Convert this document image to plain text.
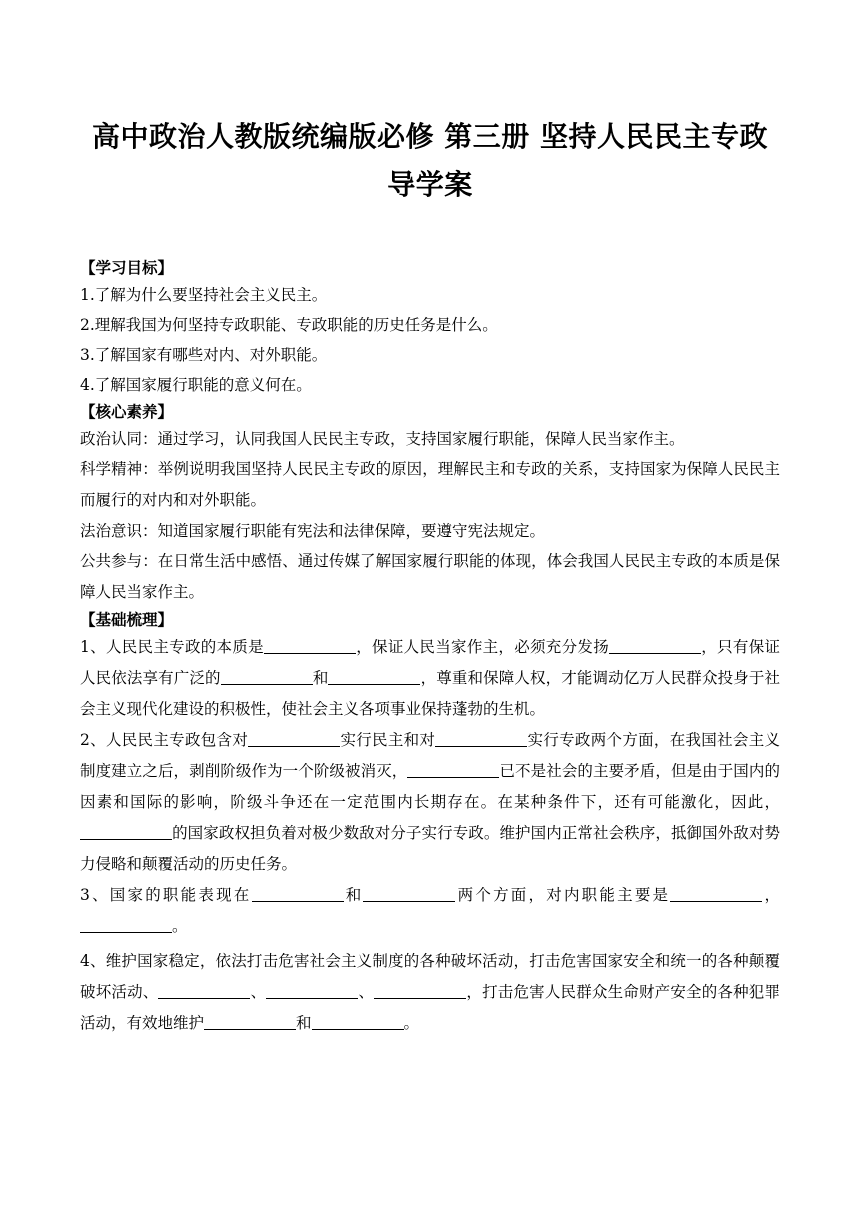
高中政治人教版统编版必修 第三册 坚持人民民主专政
导学案
【学习目标】
1.了解为什么要坚持社会主义民主。
2.理解我国为何坚持专政职能、专政职能的历史任务是什么。
3.了解国家有哪些对内、对外职能。
4.了解国家履行职能的意义何在。
【核心素养】
政治认同：通过学习，认同我国人民民主专政，支持国家履行职能，保障人民当家作主。

科学精神：举例说明我国坚持人民民主专政的原因，理解民主和专政的关系，支持国家为保障人民民主而履行的对内和对外职能。

法治意识：知道国家履行职能有宪法和法律保障，要遵守宪法规定。

公共参与：在日常生活中感悟、通过传媒了解国家履行职能的体现，体会我国人民民主专政的本质是保障人民当家作主。

【基础梳理】

1、人民民主专政的本质是	，保证人民当家作主，必须充分发扬	，只有保证人民依法享有广泛的	和	，尊重和保障人权，才能调动亿万人民群众投身于社会主义现代化建设的积极性，使社会主义各项事业保持蓬勃的生机。

2、人民民主专政包含对	实行民主和对	实行专政两个方面，在我国社会主义制度建立之后，剥削阶级作为一个阶级被消灭，	已不是社会的主要矛盾，但是由于国内的因素和国际的影响，阶级斗争还在一定范围内长期存在。在某种条件下，还有可能激化，因此，的国家政权担负着对极少数敌对分子实行专政。维护国内正常社会秩序，抵御国外敌对势力侵略和颠覆活动的历史任务。

3、国家的职能表现在	和	两个方面，对内职能主要是	，。

4、维护国家稳定，依法打击危害社会主义制度的各种破坏活动，打击危害国家安全和统一的各种颠覆破坏活动、	、	、	，打击危害人民群众生命财产安全的各种犯罪活动，有效地维护	和	。
